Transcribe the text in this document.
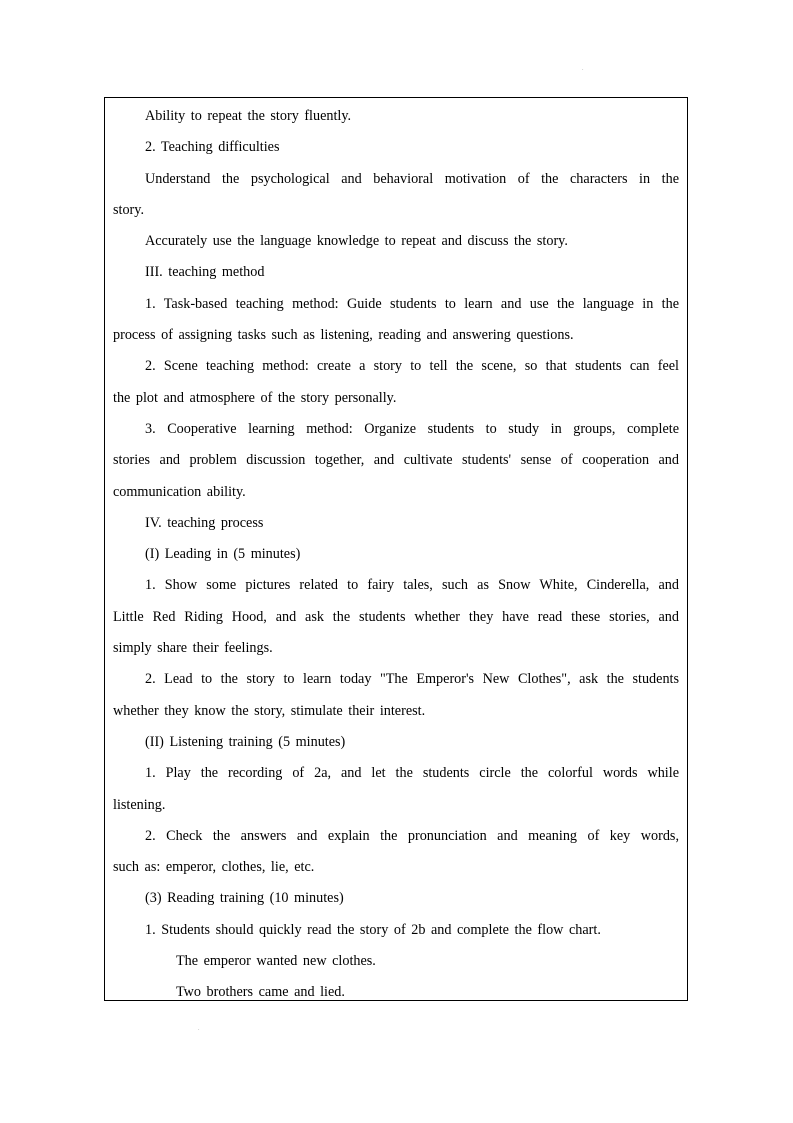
.

Ability to repeat the story fluently.

2. Teaching difficulties

Understand the psychological and behavioral motivation of the characters in the

story.

Accurately use the language knowledge to repeat and discuss the story.

III. teaching method

1. Task-based teaching method: Guide students to learn and use the language in the

process of assigning tasks such as listening, reading and answering questions.

2. Scene teaching method: create a story to tell the scene, so that students can feel

the plot and atmosphere of the story personally.

3. Cooperative learning method: Organize students to study in groups, complete

stories and problem discussion together, and cultivate students' sense of cooperation and

communication ability.

IV. teaching process

(I) Leading in (5 minutes)

1. Show some pictures related to fairy tales, such as Snow White, Cinderella, and

Little Red Riding Hood, and ask the students whether they have read these stories, and

simply share their feelings.

2. Lead to the story to learn today "The Emperor's New Clothes", ask the students

whether they know the story, stimulate their interest.

(II) Listening training (5 minutes)

1. Play the recording of 2a, and let the students circle the colorful words while

listening.

2. Check the answers and explain the pronunciation and meaning of key words,

such as: emperor, clothes, lie, etc.

(3) Reading training (10 minutes)

1. Students should quickly read the story of 2b and complete the flow chart.

The emperor wanted new clothes.

Two brothers came and lied.

.
